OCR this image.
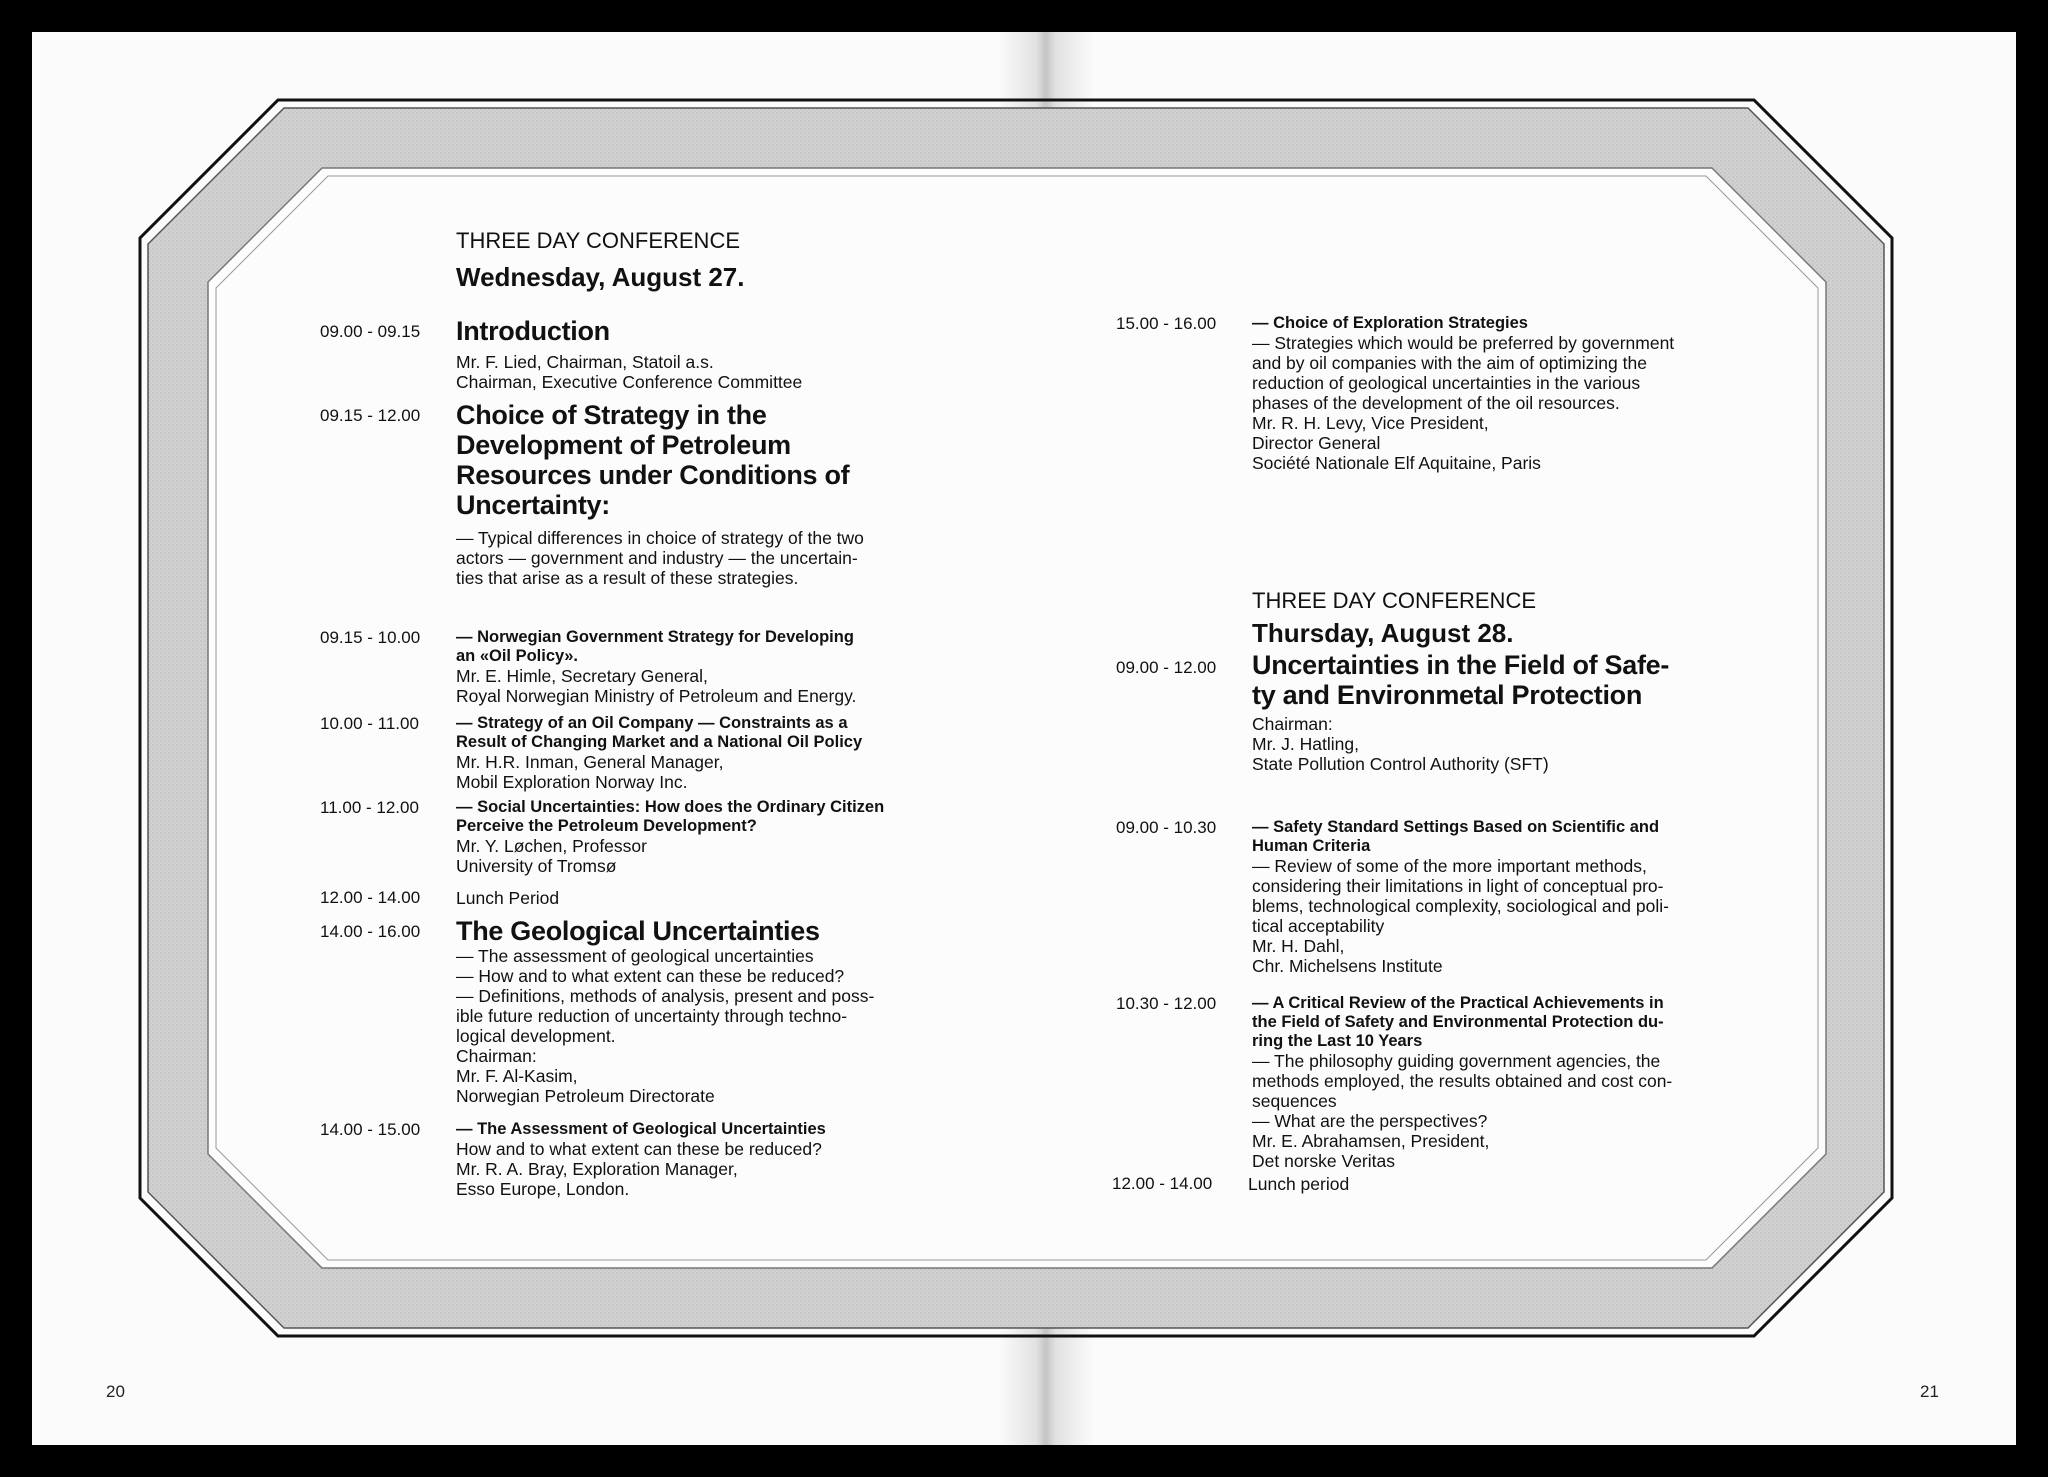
THREE DAY CONFERENCE
Wednesday, August 27.
09.00 - 09.15 Introduction
Mr. F. Lied, Chairman, Statoil a.s.
Chairman, Executive Conference Committee
09.15 - 12.00 Choice of Strategy in the
Development of Petroleum
Resources under Conditions of
Uncertainty:
— Typical differences in choice of strategy of the two
actors — government and industry — the uncertain-
ties that arise as a result of these strategies.
09.15 - 10.00 — Norwegian Government Strategy for Developing
an «Oil Policy».
Mr. E. Himle, Secretary General,
Royal Norwegian Ministry of Petroleum and Energy.
10.00 - 11.00 — Strategy of an Oil Company — Constraints as a
Result of Changing Market and a National Oil Policy
Mr. H.R. Inman, General Manager,
Mobil Exploration Norway Inc.
11.00 - 12.00 — Social Uncertainties: How does the Ordinary Citizen
Perceive the Petroleum Development?
Mr. Y. Løchen, Professor
University of Tromsø
12.00 - 14.00 Lunch Period
14.00 - 16.00 The Geological Uncertainties
— The assessment of geological uncertainties
— How and to what extent can these be reduced?
— Definitions, methods of analysis, present and poss-
ible future reduction of uncertainty through techno-
logical development.
Chairman:
Mr. F. Al-Kasim,
Norwegian Petroleum Directorate
14.00 - 15.00 — The Assessment of Geological Uncertainties
How and to what extent can these be reduced?
Mr. R. A. Bray, Exploration Manager,
Esso Europe, London.
20
15.00 - 16.00 — Choice of Exploration Strategies
— Strategies which would be preferred by government
and by oil companies with the aim of optimizing the
reduction of geological uncertainties in the various
phases of the development of the oil resources.
Mr. R. H. Levy, Vice President,
Director General
Société Nationale Elf Aquitaine, Paris
THREE DAY CONFERENCE
Thursday, August 28.
09.00 - 12.00 Uncertainties in the Field of Safe-
ty and Environmetal Protection
Chairman:
Mr. J. Hatling,
State Pollution Control Authority (SFT)
09.00 - 10.30 — Safety Standard Settings Based on Scientific and
Human Criteria
— Review of some of the more important methods,
considering their limitations in light of conceptual pro-
blems, technological complexity, sociological and poli-
tical acceptability
Mr. H. Dahl,
Chr. Michelsens Institute
10.30 - 12.00 — A Critical Review of the Practical Achievements in
the Field of Safety and Environmental Protection du-
ring the Last 10 Years
— The philosophy guiding government agencies, the
methods employed, the results obtained and cost con-
sequences
— What are the perspectives?
Mr. E. Abrahamsen, President,
Det norske Veritas
12.00 - 14.00 Lunch period
21
